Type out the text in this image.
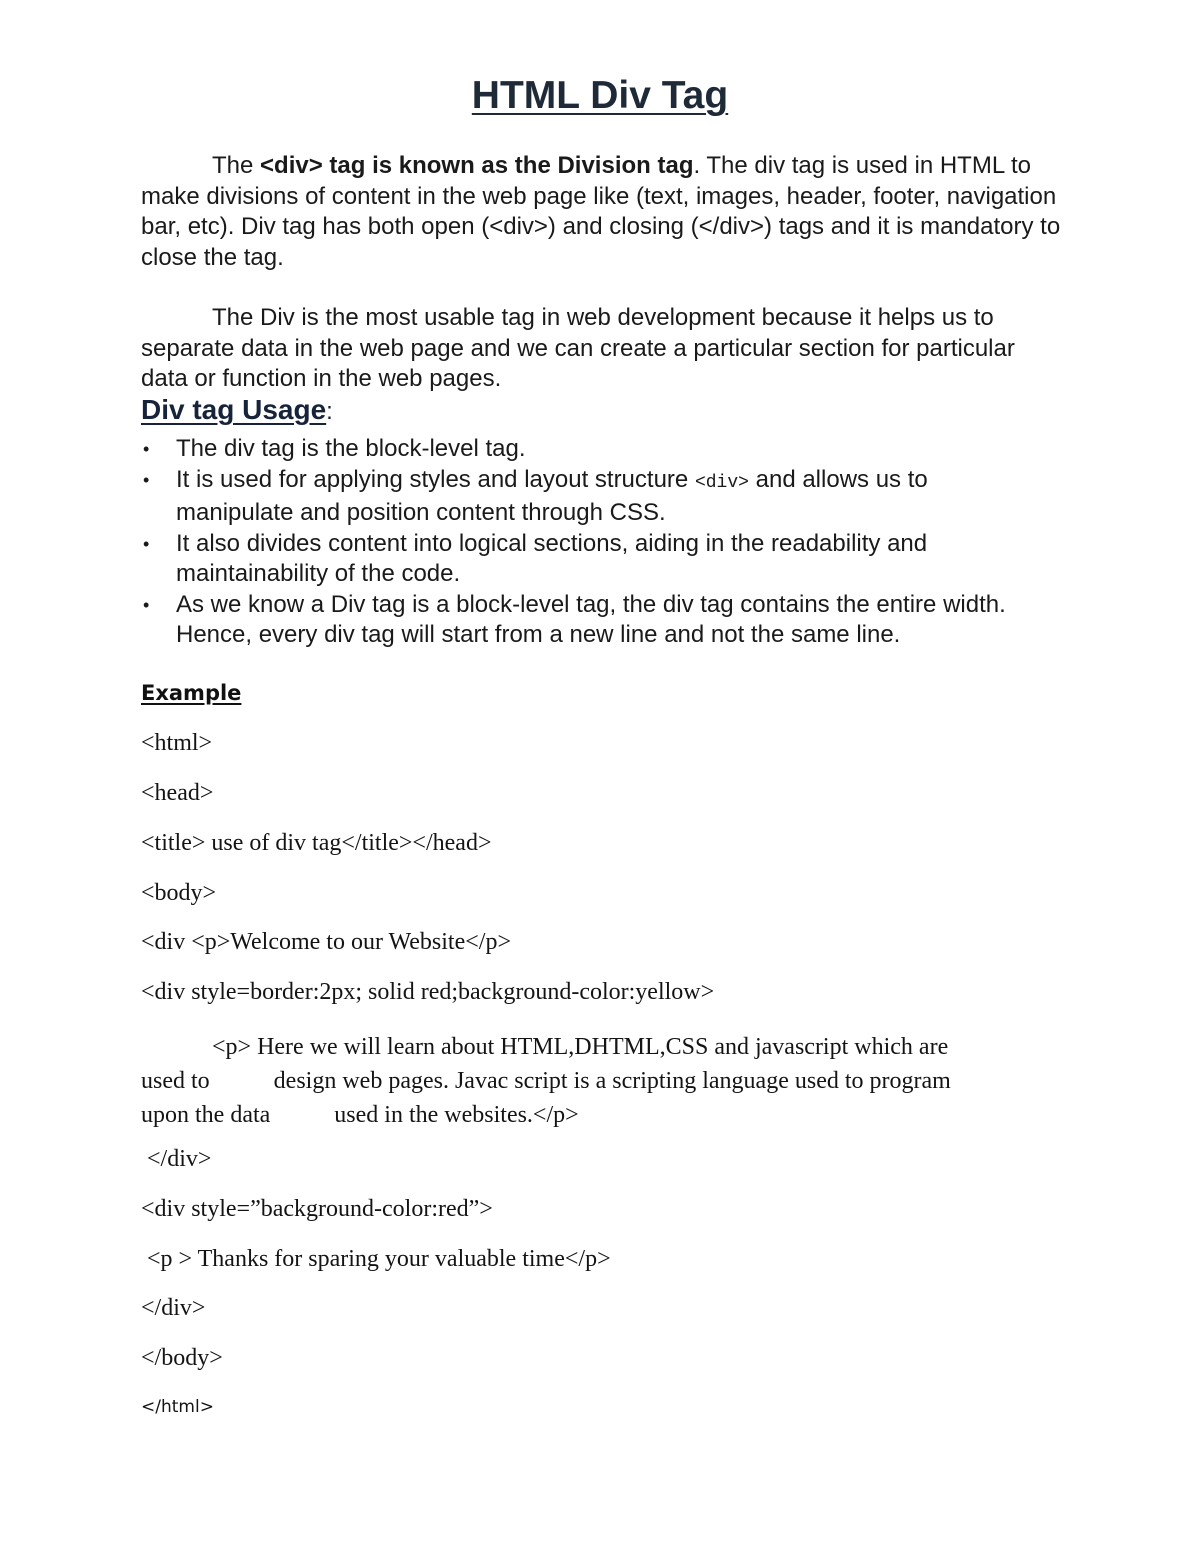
HTML Div Tag

The <div> tag is known as the Division tag. The div tag is used in HTML to make divisions of content in the web page like (text, images, header, footer, navigation bar, etc). Div tag has both open (<div>) and closing (</div>) tags and it is mandatory to close the tag.

The Div is the most usable tag in web development because it helps us to separate data in the web page and we can create a particular section for particular data or function in the web pages.

Div tag Usage:
• The div tag is the block-level tag.
• It is used for applying styles and layout structure <div> and allows us to manipulate and position content through CSS.
• It also divides content into logical sections, aiding in the readability and maintainability of the code.
• As we know a Div tag is a block-level tag, the div tag contains the entire width. Hence, every div tag will start from a new line and not the same line.
Example
<html>
<head>
<title> use of div tag</title></head>
<body>
<div <p>Welcome to our Website</p>
<div style=border:2px; solid red;background-color:yellow>
<p> Here we will learn about HTML,DHTML,CSS and javascript which are
used to	design web pages. Javac script is a scripting language used to program
upon the data	used in the websites.</p>
</div>
<div style=”background-color:red”>
<p > Thanks for sparing your valuable time</p>
</div>
</body>
</html>
